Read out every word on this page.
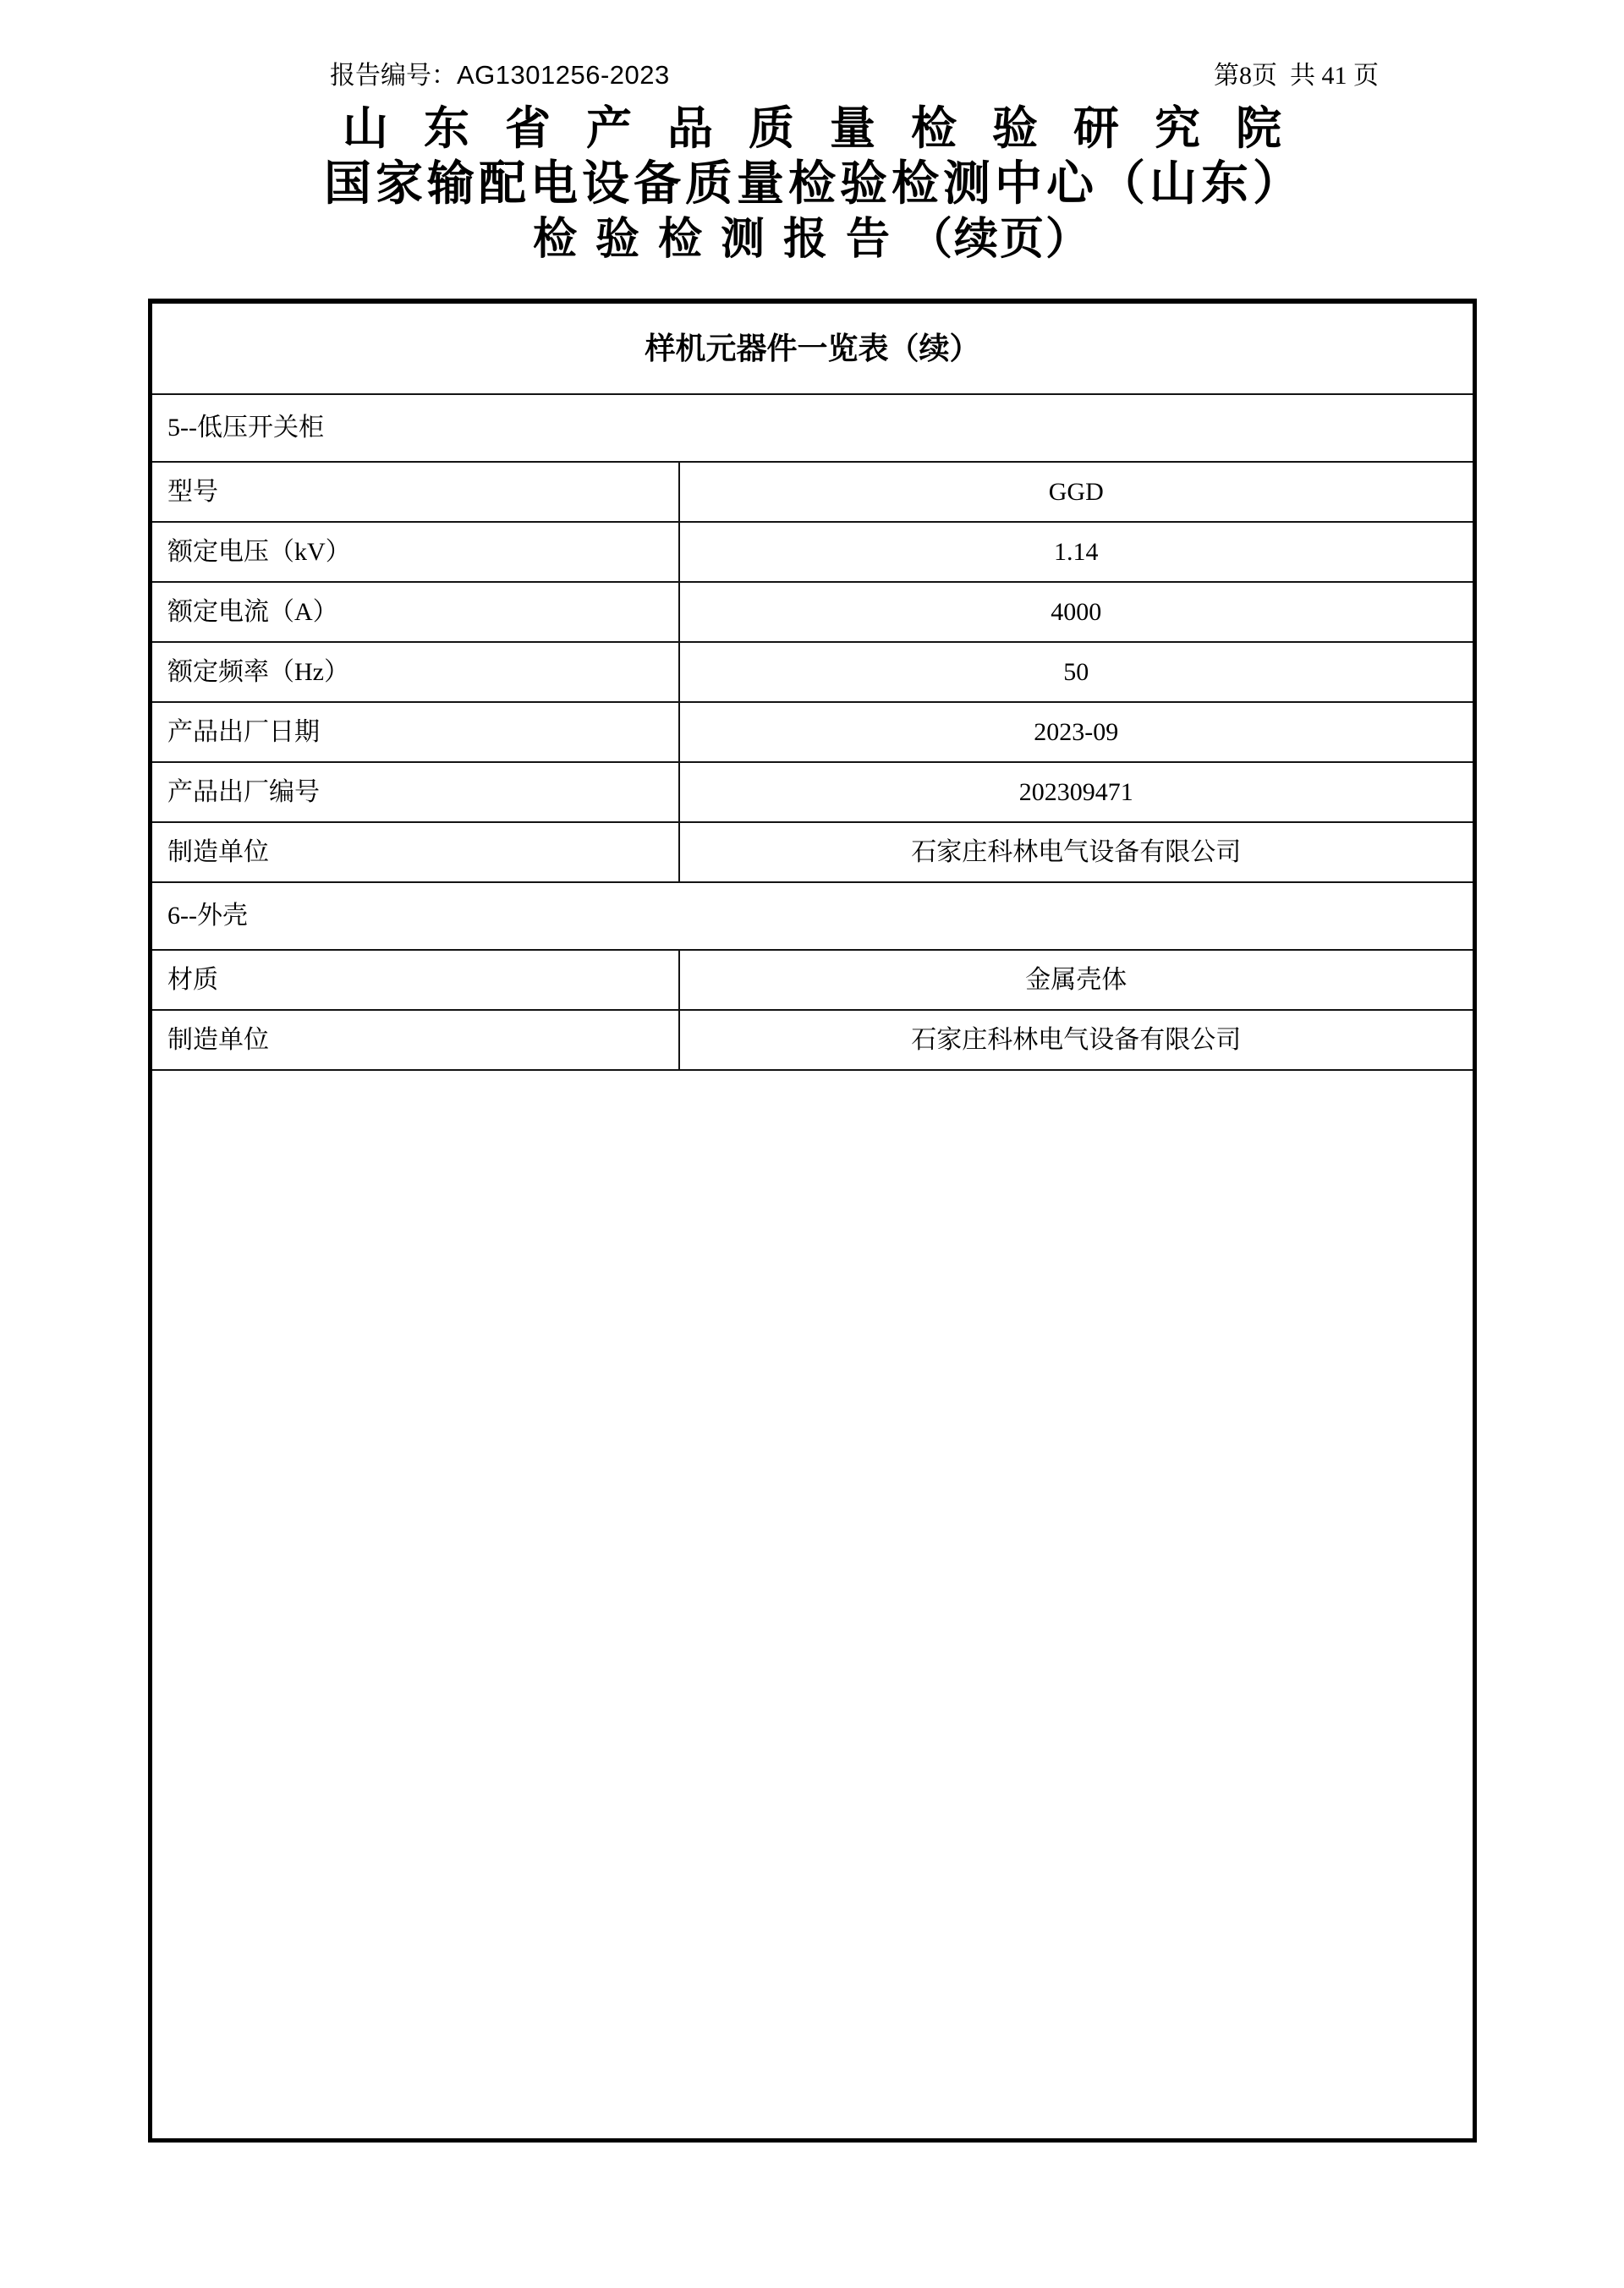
报告编号： AG1301256-2023	第8页  共 41 页
山东省产品质量检验研究院
国家输配电设备质量检验检测中心（山东）
检验检测报告（续页）
样机元器件一览表（续）	
5--低压开关柜	
型号	GGD
额定电压（kV）	1.14
额定电流（A）	4000
额定频率（Hz）	50
产品出厂日期	2023-09
产品出厂编号	202309471
制造单位	石家庄科林电气设备有限公司
6--外壳	
材质	金属壳体
制造单位	石家庄科林电气设备有限公司
